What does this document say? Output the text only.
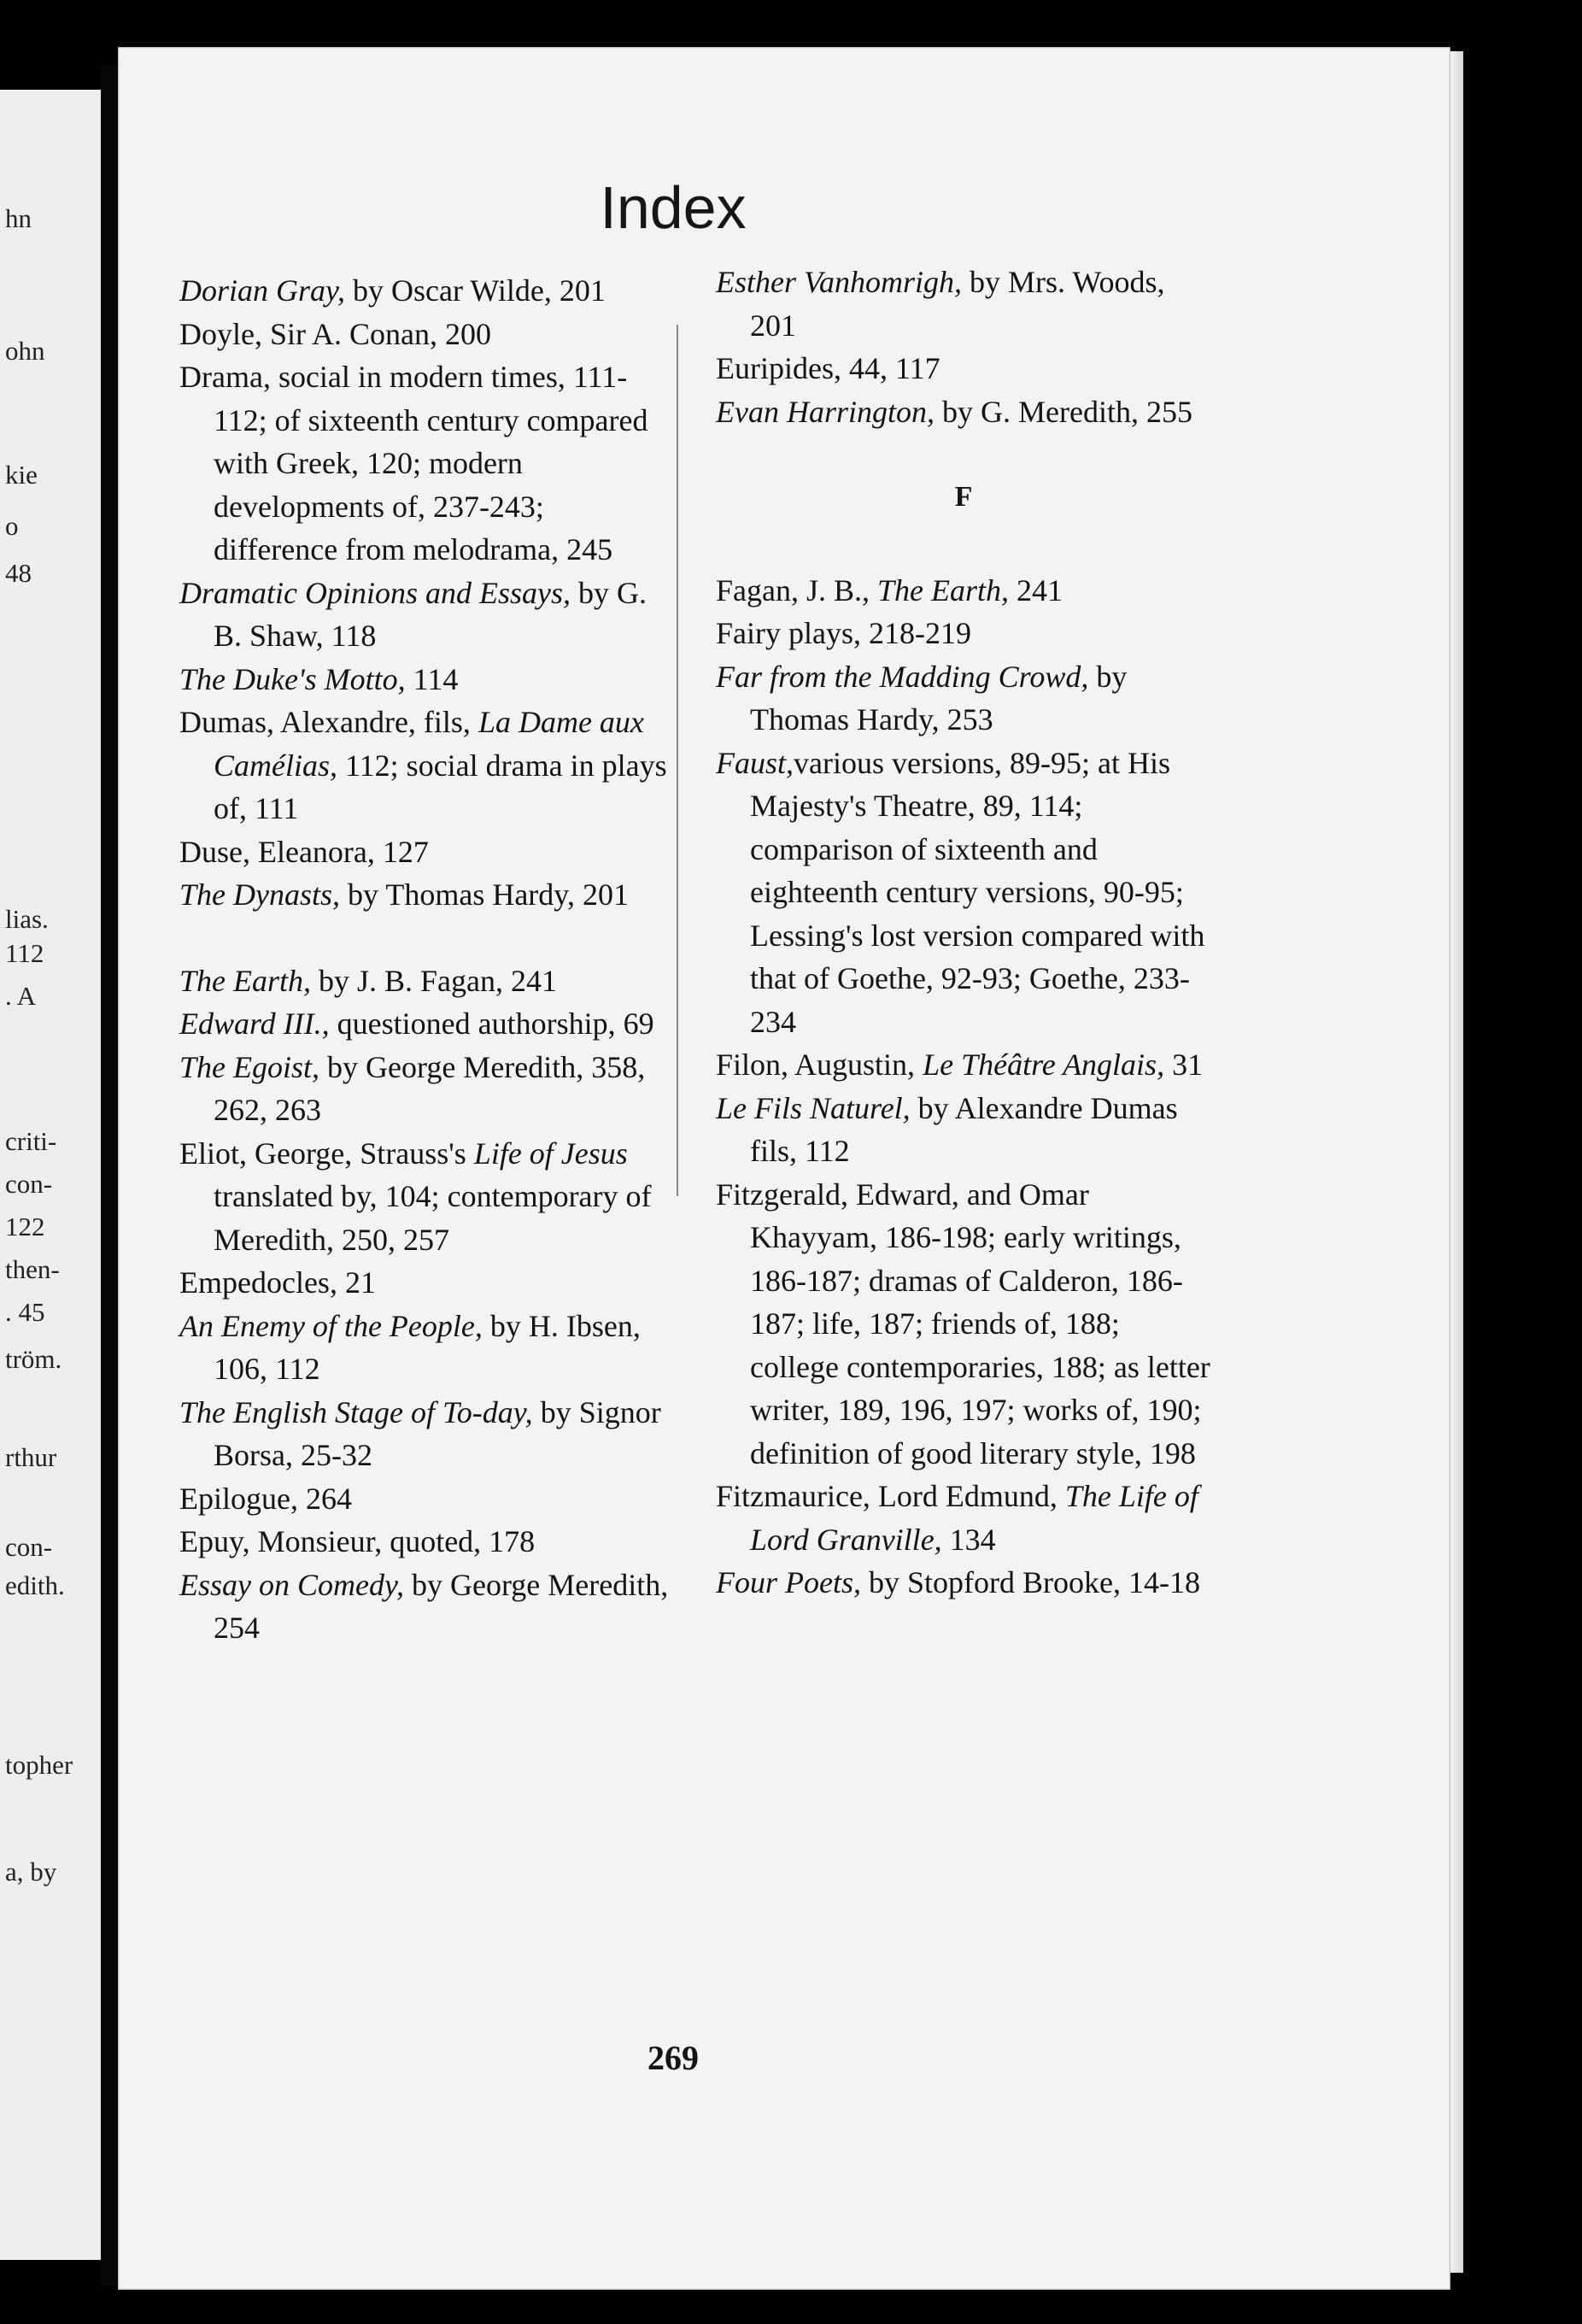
hn
ohn
kie
o
48
lias.
112
. A
criti-
con-
122
then-
. 45
tröm.
rthur
con-
edith.
topher
a, by
Index
Dorian Gray, by Oscar Wilde, 201
Doyle, Sir A. Conan, 200
Drama, social in modern times, 111-112; of sixteenth century compared with Greek, 120; modern developments of, 237-243; difference from melodrama, 245
Dramatic Opinions and Essays, by G. B. Shaw, 118
The Duke's Motto, 114
Dumas, Alexandre, fils, La Dame aux Camélias, 112; social drama in plays of, 111
Duse, Eleanora, 127
The Dynasts, by Thomas Hardy, 201
The Earth, by J. B. Fagan, 241
Edward III., questioned authorship, 69
The Egoist, by George Meredith, 358, 262, 263
Eliot, George, Strauss's Life of Jesus translated by, 104; contemporary of Meredith, 250, 257
Empedocles, 21
An Enemy of the People, by H. Ibsen, 106, 112
The English Stage of To-day, by Signor Borsa, 25-32
Epilogue, 264
Epuy, Monsieur, quoted, 178
Essay on Comedy, by George Meredith, 254
Esther Vanhomrigh, by Mrs. Woods, 201
Euripides, 44, 117
Evan Harrington, by G. Meredith, 255
F
Fagan, J. B., The Earth, 241
Fairy plays, 218-219
Far from the Madding Crowd, by Thomas Hardy, 253
Faust,various versions, 89-95; at His Majesty's Theatre, 89, 114; comparison of sixteenth and eighteenth century versions, 90-95; Lessing's lost version compared with that of Goethe, 92-93; Goethe, 233-234
Filon, Augustin, Le Théâtre Anglais, 31
Le Fils Naturel, by Alexandre Dumas fils, 112
Fitzgerald, Edward, and Omar Khayyam, 186-198; early writings, 186-187; dramas of Calderon, 186-187; life, 187; friends of, 188; college contemporaries, 188; as letter writer, 189, 196, 197; works of, 190; definition of good literary style, 198
Fitzmaurice, Lord Edmund, The Life of Lord Granville, 134
Four Poets, by Stopford Brooke, 14-18
269
